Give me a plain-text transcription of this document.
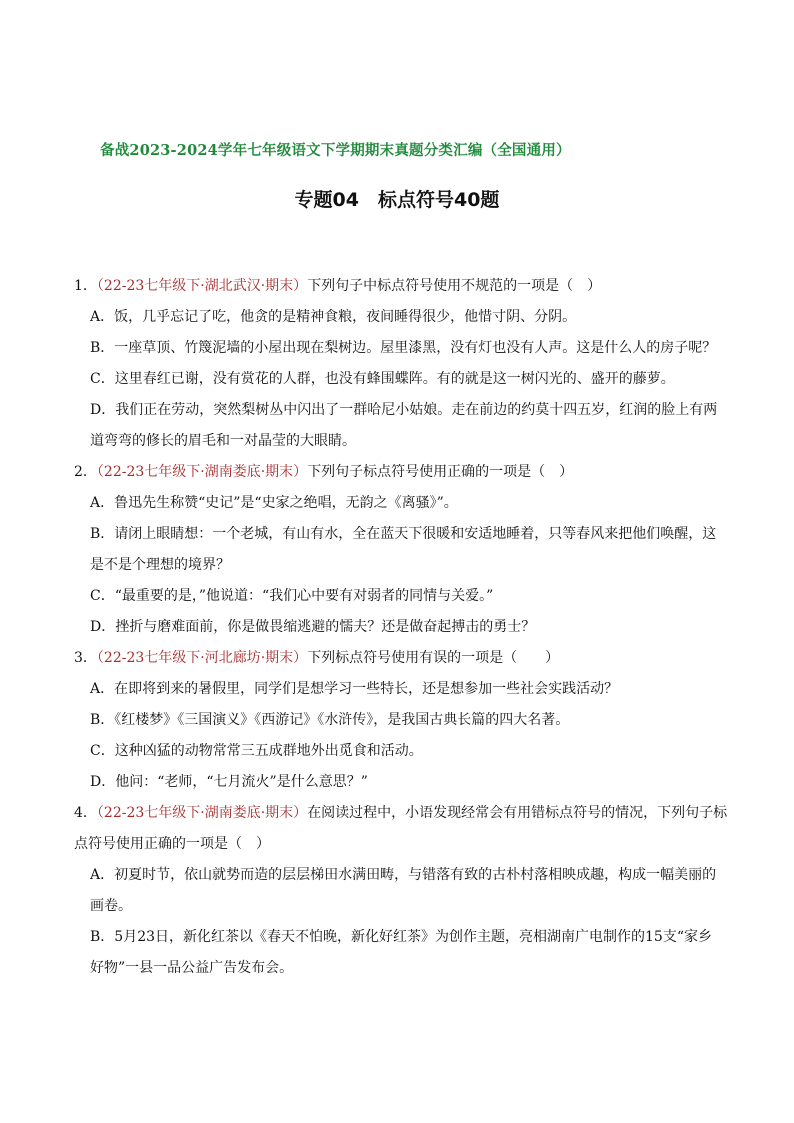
备战2023-2024学年七年级语文下学期期末真题分类汇编（全国通用）
专题04　标点符号40题
1．（22-23七年级下·湖北武汉·期末）下列句子中标点符号使用不规范的一项是（　）
A．饭，几乎忘记了吃，他贪的是精神食粮，夜间睡得很少，他惜寸阴、分阴。
B．一座草顶、竹篾泥墙的小屋出现在梨树边。屋里漆黑，没有灯也没有人声。这是什么人的房子呢？
C．这里春红已谢，没有赏花的人群，也没有蜂围蝶阵。有的就是这一树闪光的、盛开的藤萝。
D．我们正在劳动，突然梨树丛中闪出了一群哈尼小姑娘。走在前边的约莫十四五岁，红润的脸上有两
道弯弯的修长的眉毛和一对晶莹的大眼睛。
2．（22-23七年级下·湖南娄底·期末）下列句子标点符号使用正确的一项是（　）
A．鲁迅先生称赞“史记”是“史家之绝唱，无韵之《离骚》”。
B．请闭上眼睛想：一个老城，有山有水，全在蓝天下很暖和安适地睡着，只等春风来把他们唤醒，这
是不是个理想的境界？
C．“最重要的是，”他说道：“我们心中要有对弱者的同情与关爱。”
D．挫折与磨难面前，你是做畏缩逃避的懦夫？还是做奋起搏击的勇士？
3．（22-23七年级下·河北廊坊·期末）下列标点符号使用有误的一项是（　　）
A．在即将到来的暑假里，同学们是想学习一些特长，还是想参加一些社会实践活动？
B．《红楼梦》《三国演义》《西游记》《水浒传》，是我国古典长篇的四大名著。
C．这种凶猛的动物常常三五成群地外出觅食和活动。
D．他问：“老师，“七月流火”是什么意思？”
4．（22-23七年级下·湖南娄底·期末）在阅读过程中，小语发现经常会有用错标点符号的情况，下列句子标
点符号使用正确的一项是（　）
A．初夏时节，依山就势而造的层层梯田水满田畴，与错落有致的古朴村落相映成趣，构成一幅美丽的
画卷。
B．5月23日，新化红茶以《春天不怕晚，新化好红茶》为创作主题，亮相湖南广电制作的15支“家乡
好物”一县一品公益广告发布会。
